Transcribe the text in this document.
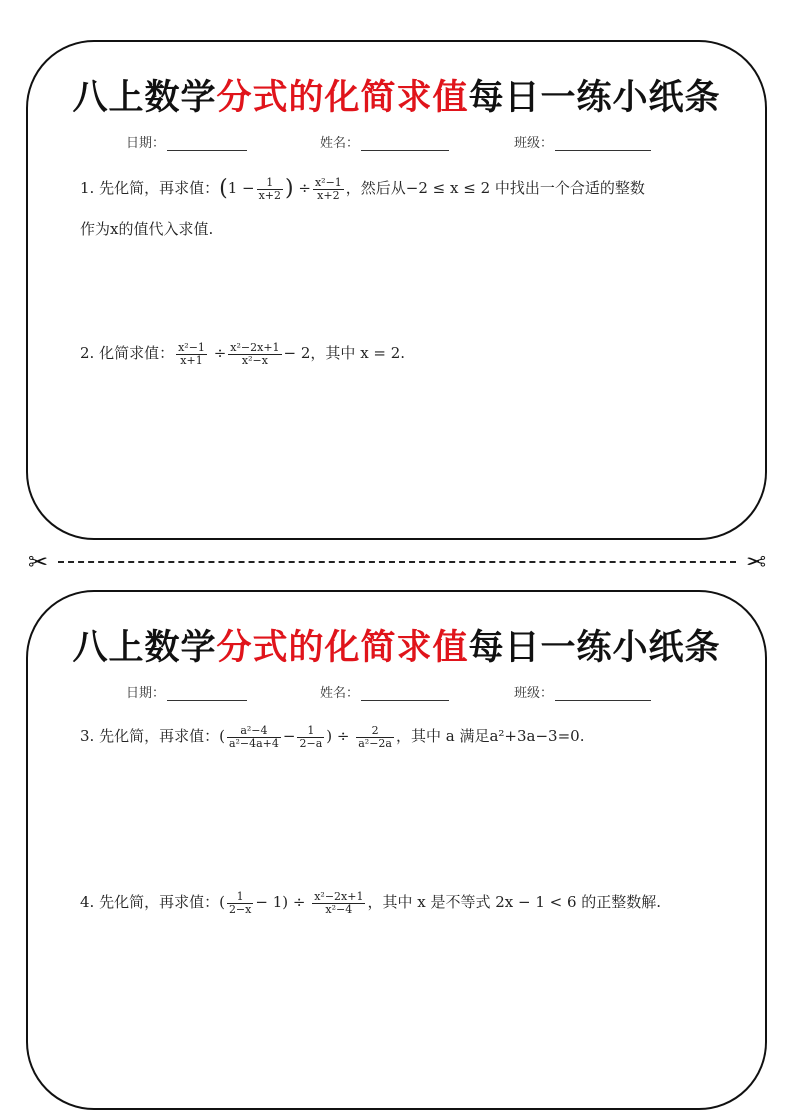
八上数学分式的化简求值每日一练小纸条
日期：	姓名：	班级：
1. 先化简，再求值：($1 - \frac{1}{x+2}$ ) ÷ $\frac{\text{x²−1}}{x+2}$ ，然后从−2 ≤ x ≤ 2 中找出一个合适的整数
作为x的值代入求值.
2. 化简求值： $\frac{\text{x²−1}}{x+1} \div \frac{\text{x²−2x+1}}{\text{x²−x}} - 2$，其中 x = 2.
✂	✂
八上数学分式的化简求值每日一练小纸条
日期：	姓名：	班级：
3. 先化简，再求值：( $\frac{\text{a²−4}}{\text{a²−4a+4}} - \frac{1}{2-a}$ ) ÷ $\frac{2}{\text{a²−2a}}$ ，其中 a 满足a²+3a−3=0.
4. 先化简，再求值：( $\frac{1}{2-x} - 1) \div \frac{\text{x²−2x+1}}{\text{x²−4}}$ ，其中 x 是不等式 2x − 1 < 6 的正整数解.
